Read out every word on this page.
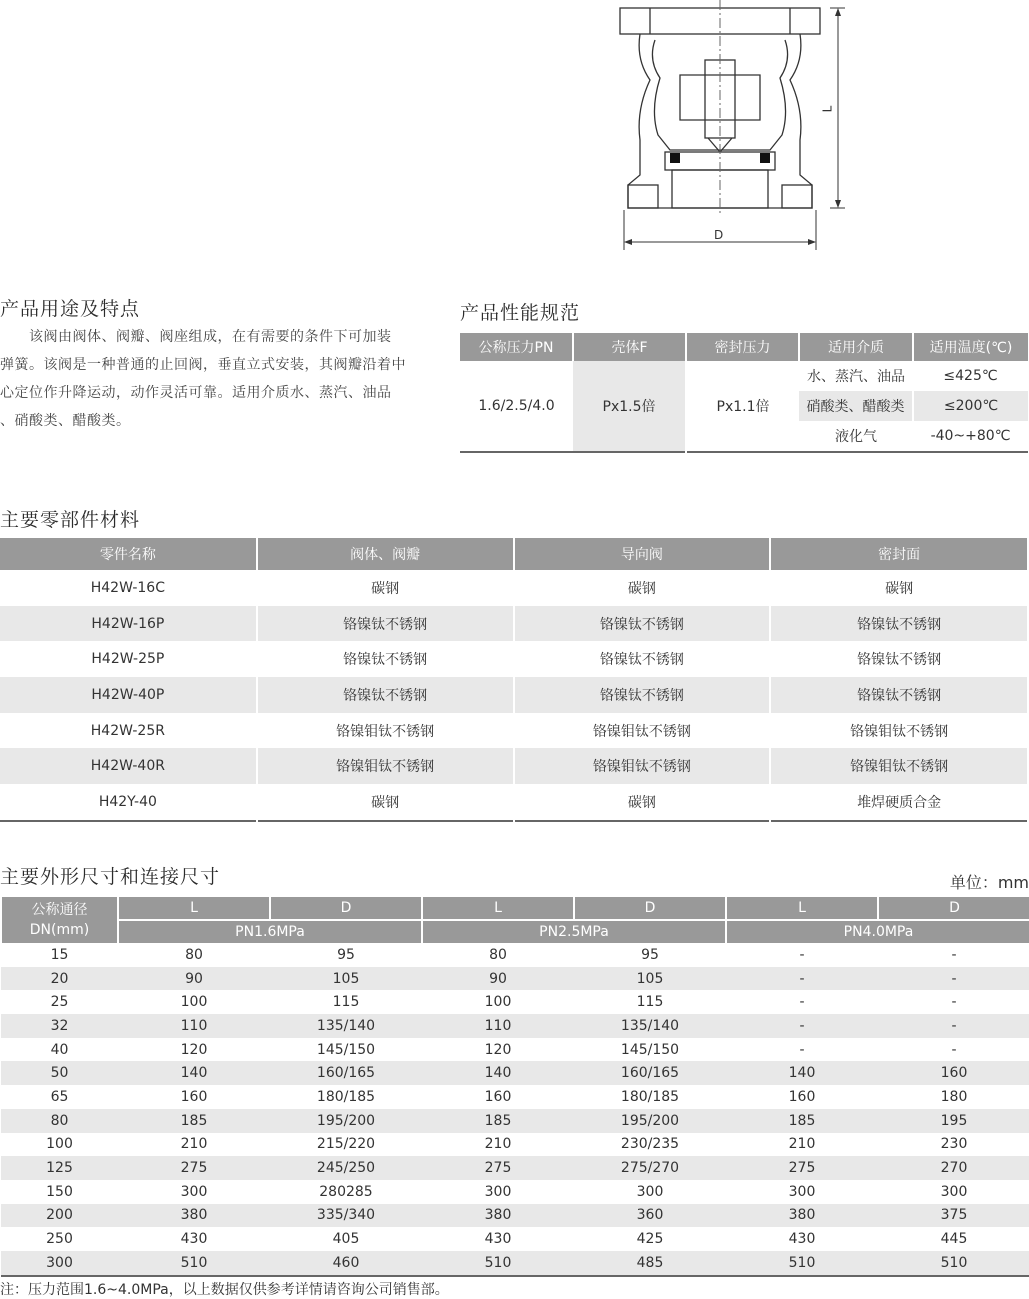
L
D
产品用途及特点
　　该阀由阀体、阀瓣、阀座组成，在有需要的条件下可加装
弹簧。该阀是一种普通的止回阀，垂直立式安装，其阀瓣沿着中
心定位作升降运动，动作灵活可靠。适用介质水、蒸汽、油品
、硝酸类、醋酸类。
产品性能规范
公称压力PN	壳体F	密封压力	适用介质	适用温度(℃)
1.6/2.5/4.0	Px1.5倍	Px1.1倍	水、蒸汽、油品	≤425℃
			硝酸类、醋酸类	≤200℃
			液化气	-40~+80℃
主要零部件材料
零件名称	阀体、阀瓣	导向阀	密封面
H42W-16C	碳钢	碳钢	碳钢
H42W-16P	铬镍钛不锈钢	铬镍钛不锈钢	铬镍钛不锈钢
H42W-25P	铬镍钛不锈钢	铬镍钛不锈钢	铬镍钛不锈钢
H42W-40P	铬镍钛不锈钢	铬镍钛不锈钢	铬镍钛不锈钢
H42W-25R	铬镍钼钛不锈钢	铬镍钼钛不锈钢	铬镍钼钛不锈钢
H42W-40R	铬镍钼钛不锈钢	铬镍钼钛不锈钢	铬镍钼钛不锈钢
H42Y-40	碳钢	碳钢	堆焊硬质合金
主要外形尺寸和连接尺寸	单位：mm
公称通径
DN(mm)	L	D	L	D	L	D
	PN1.6MPa		PN2.5MPa		PN4.0MPa	
15	80	95	80	95	-	-
20	90	105	90	105	-	-
25	100	115	100	115	-	-
32	110	135/140	110	135/140	-	-
40	120	145/150	120	145/150	-	-
50	140	160/165	140	160/165	140	160
65	160	180/185	160	180/185	160	180
80	185	195/200	185	195/200	185	195
100	210	215/220	210	230/235	210	230
125	275	245/250	275	275/270	275	270
150	300	280285	300	300	300	300
200	380	335/340	380	360	380	375
250	430	405	430	425	430	445
300	510	460	510	485	510	510
注：压力范围1.6~4.0MPa，以上数据仅供参考详情请咨询公司销售部。
